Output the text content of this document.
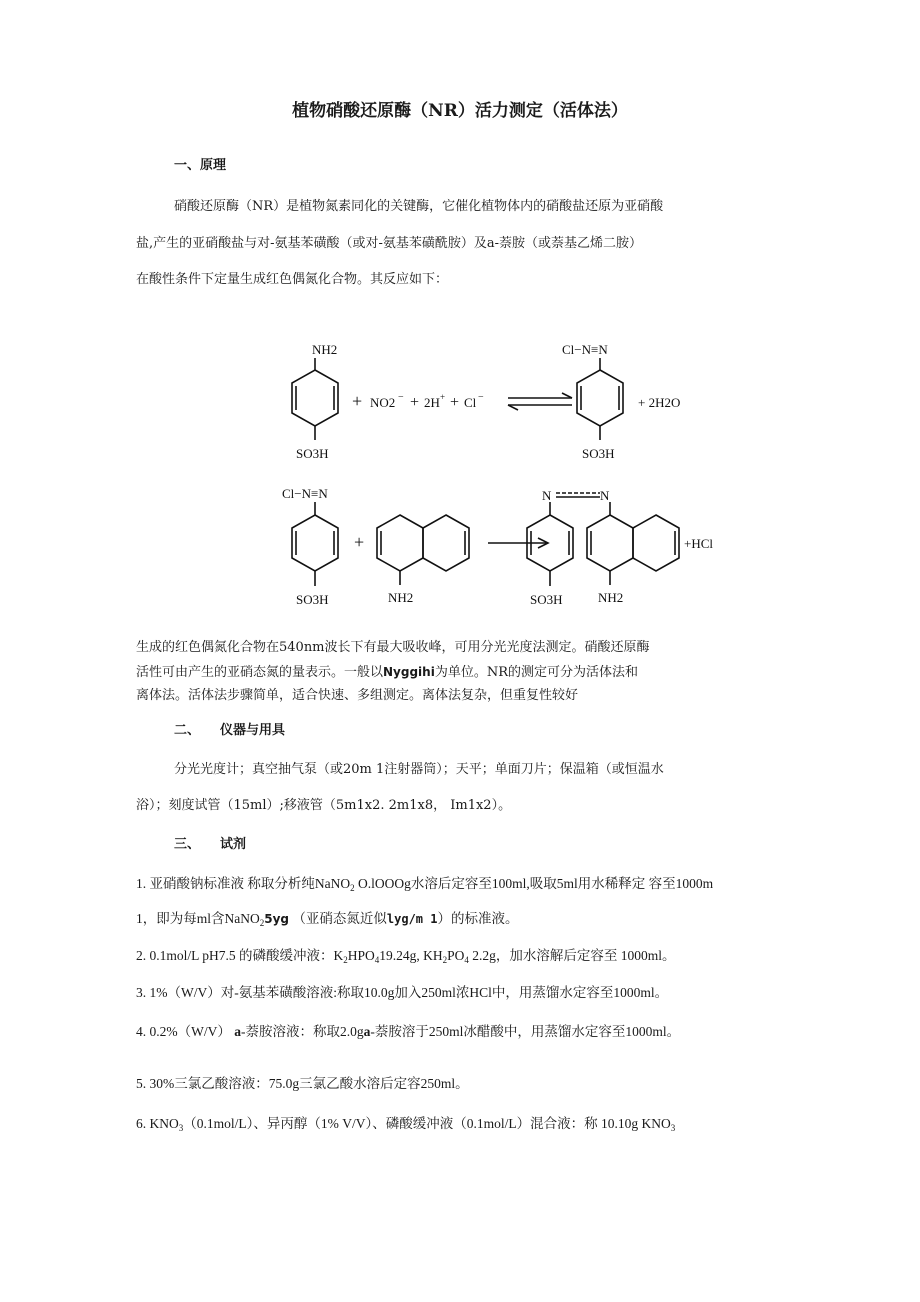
植物硝酸还原酶（NR）活力测定（活体法）
一、原理
硝酸还原酶（NR）是植物氮素同化的关键酶，它催化植物体内的硝酸盐还原为亚硝酸
盐,产生的亚硝酸盐与对-氨基苯磺酸（或对-氨基苯磺酰胺）及a-萘胺（或萘基乙烯二胺）
在酸性条件下定量生成红色偶氮化合物。其反应如下：
NH2
SO3H
+ NO2 − + 2H + + Cl −
Cl−N≡N
SO3H
+ 2H2O
Cl−N≡N
SO3H
+
NH2
N	N
SO3H	NH2
+HCl
生成的红色偶氮化合物在540nm波长下有最大吸收峰，可用分光光度法测定。硝酸还原酶
活性可由产生的亚硝态氮的量表示。一般以Nyggihi为单位。NR的测定可分为活体法和
离体法。活体法步骤简单，适合快速、多组测定。离体法复杂，但重复性较好
二、 仪器与用具
分光光度计；真空抽气泵（或20m 1注射器筒）；天平；单面刀片；保温箱（或恒温水
浴）；刻度试管（15ml）;移液管（5m1x2. 2m1x8， Im1x2）。
三、 试剂
1. 亚硝酸钠标准液 称取分析纯NaNO$_2$ O.lOOOg水溶后定容至100ml,吸取5ml用水稀释定 容至1000m
1，即为每ml含NaNO$_2$5yg （亚硝态氮近似lyg/m 1）的标准液。
2. 0.1mol/L pH7.5 的磷酸缓冲液：$K_2HPO_419.24g$, $KH_2PO_4$ 2.2g，加水溶解后定容至 1000ml。
3. 1%（W/V）对-氨基苯磺酸溶液:称取10.0g加入250ml浓HCl中，用蒸馏水定容至1000ml。
4. 0.2%（W/V） a-萘胺溶液：称取2.0ga-萘胺溶于250ml冰醋酸中，用蒸馏水定容至1000ml。
5. 30%三氯乙酸溶液：75.0g三氯乙酸水溶后定容250ml。
6. $KNO_3(0.1mol/L)$、异丙醇（1% V/V）、磷酸缓冲液（0.1mol/L）混合液：称 10.10g $KNO_3$
